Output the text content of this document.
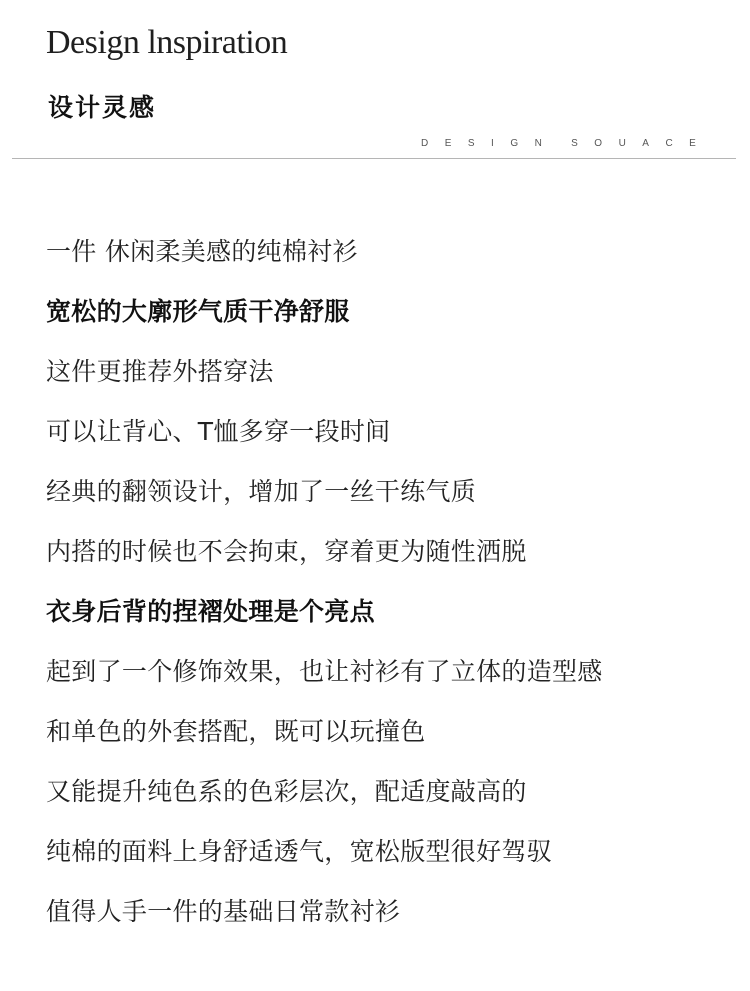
Design lnspiration
设计灵感
DESIGN SOUACE
一件 休闲柔美感的纯棉衬衫
宽松的大廓形气质干净舒服
这件更推荐外搭穿法
可以让背心、T恤多穿一段时间
经典的翻领设计，增加了一丝干练气质
内搭的时候也不会拘束，穿着更为随性洒脱
衣身后背的捏褶处理是个亮点
起到了一个修饰效果，也让衬衫有了立体的造型感
和单色的外套搭配，既可以玩撞色
又能提升纯色系的色彩层次，配适度敲高的
纯棉的面料上身舒适透气，宽松版型很好驾驭
值得人手一件的基础日常款衬衫
